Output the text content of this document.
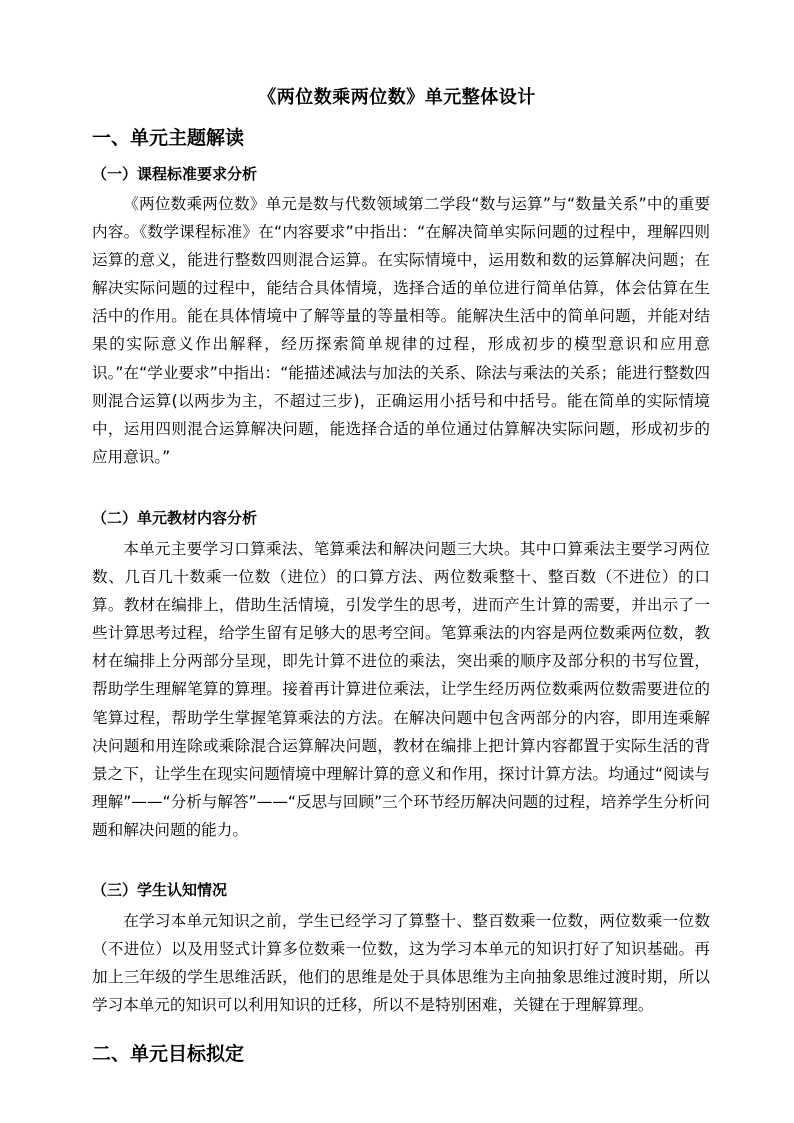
《两位数乘两位数》单元整体设计
一、单元主题解读
（一）课程标准要求分析
《两位数乘两位数》单元是数与代数领域第二学段“数与运算”与“数量关系”中的重要内容。《数学课程标准》在“内容要求”中指出：“在解决简单实际问题的过程中，理解四则运算的意义，能进行整数四则混合运算。在实际情境中，运用数和数的运算解决问题；在解决实际问题的过程中，能结合具体情境，选择合适的单位进行简单估算，体会估算在生活中的作用。能在具体情境中了解等量的等量相等。能解决生活中的简单问题，并能对结果的实际意义作出解释，经历探索简单规律的过程，形成初步的模型意识和应用意识。”在“学业要求”中指出：“能描述减法与加法的关系、除法与乘法的关系；能进行整数四则混合运算(以两步为主，不超过三步)，正确运用小括号和中括号。能在简单的实际情境中，运用四则混合运算解决问题，能选择合适的单位通过估算解决实际问题，形成初步的应用意识。”
（二）单元教材内容分析
本单元主要学习口算乘法、笔算乘法和解决问题三大块。其中口算乘法主要学习两位数、几百几十数乘一位数（进位）的口算方法、两位数乘整十、整百数（不进位）的口算。教材在编排上，借助生活情境，引发学生的思考，进而产生计算的需要，并出示了一些计算思考过程，给学生留有足够大的思考空间。笔算乘法的内容是两位数乘两位数，教材在编排上分两部分呈现，即先计算不进位的乘法，突出乘的顺序及部分积的书写位置，帮助学生理解笔算的算理。接着再计算进位乘法，让学生经历两位数乘两位数需要进位的笔算过程，帮助学生掌握笔算乘法的方法。在解决问题中包含两部分的内容，即用连乘解决问题和用连除或乘除混合运算解决问题，教材在编排上把计算内容都置于实际生活的背景之下，让学生在现实问题情境中理解计算的意义和作用，探讨计算方法。均通过“阅读与理解”——“分析与解答”——“反思与回顾”三个环节经历解决问题的过程，培养学生分析问题和解决问题的能力。
（三）学生认知情况
在学习本单元知识之前，学生已经学习了算整十、整百数乘一位数，两位数乘一位数（不进位）以及用竖式计算多位数乘一位数，这为学习本单元的知识打好了知识基础。再加上三年级的学生思维活跃，他们的思维是处于具体思维为主向抽象思维过渡时期，所以学习本单元的知识可以利用知识的迁移，所以不是特别困难，关键在于理解算理。
二、单元目标拟定
